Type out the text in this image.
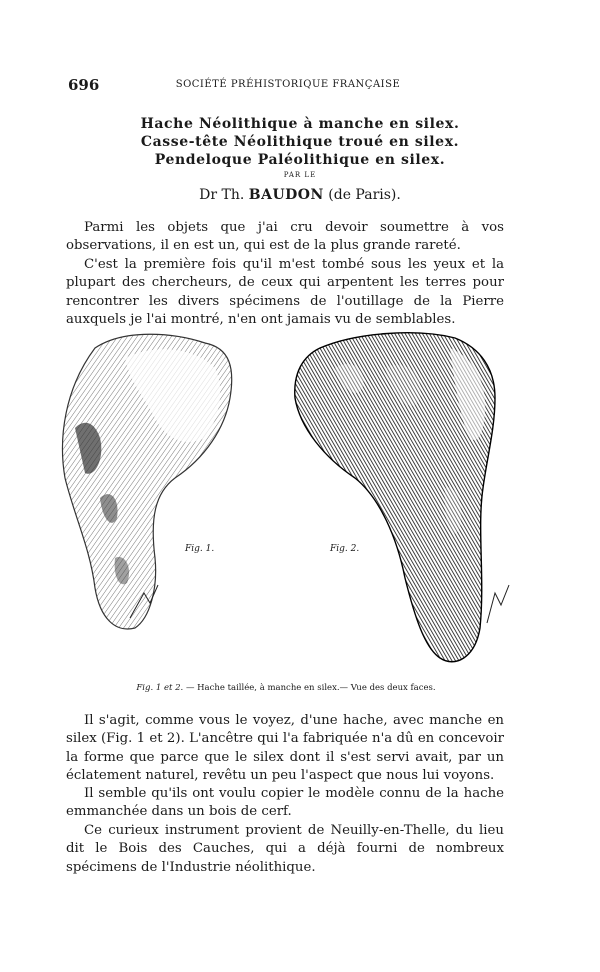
696	SOCIÉTÉ PRÉHISTORIQUE FRANÇAISE
Hache Néolithique à manche en silex.
Casse-tête Néolithique troué en silex.
Pendeloque Paléolithique en silex.
PAR LE
Dr Th. BAUDON (de Paris).

Parmi les objets que j'ai cru devoir soumettre à vos observations, il en est un, qui est de la plus grande rareté.

C'est la première fois qu'il m'est tombé sous les yeux et la plupart des chercheurs, de ceux qui arpentent les terres pour rencontrer les divers spécimens de l'outillage de la Pierre auxquels je l'ai montré, n'en ont jamais vu de semblables.

Fig. 1.	Fig. 2.
Fig. 1 et 2. — Hache taillée, à manche en silex.— Vue des deux faces.

Il s'agit, comme vous le voyez, d'une hache, avec manche en silex (Fig. 1 et 2). L'ancêtre qui l'a fabriquée n'a dû en concevoir la forme que parce que le silex dont il s'est servi avait, par un éclatement naturel, revêtu un peu l'aspect que nous lui voyons.

Il semble qu'ils ont voulu copier le modèle connu de la hache emmanchée dans un bois de cerf.

Ce curieux instrument provient de Neuilly-en-Thelle, du lieu dit le Bois des Cauches, qui a déjà fourni de nombreux spécimens de l'Industrie néolithique.
